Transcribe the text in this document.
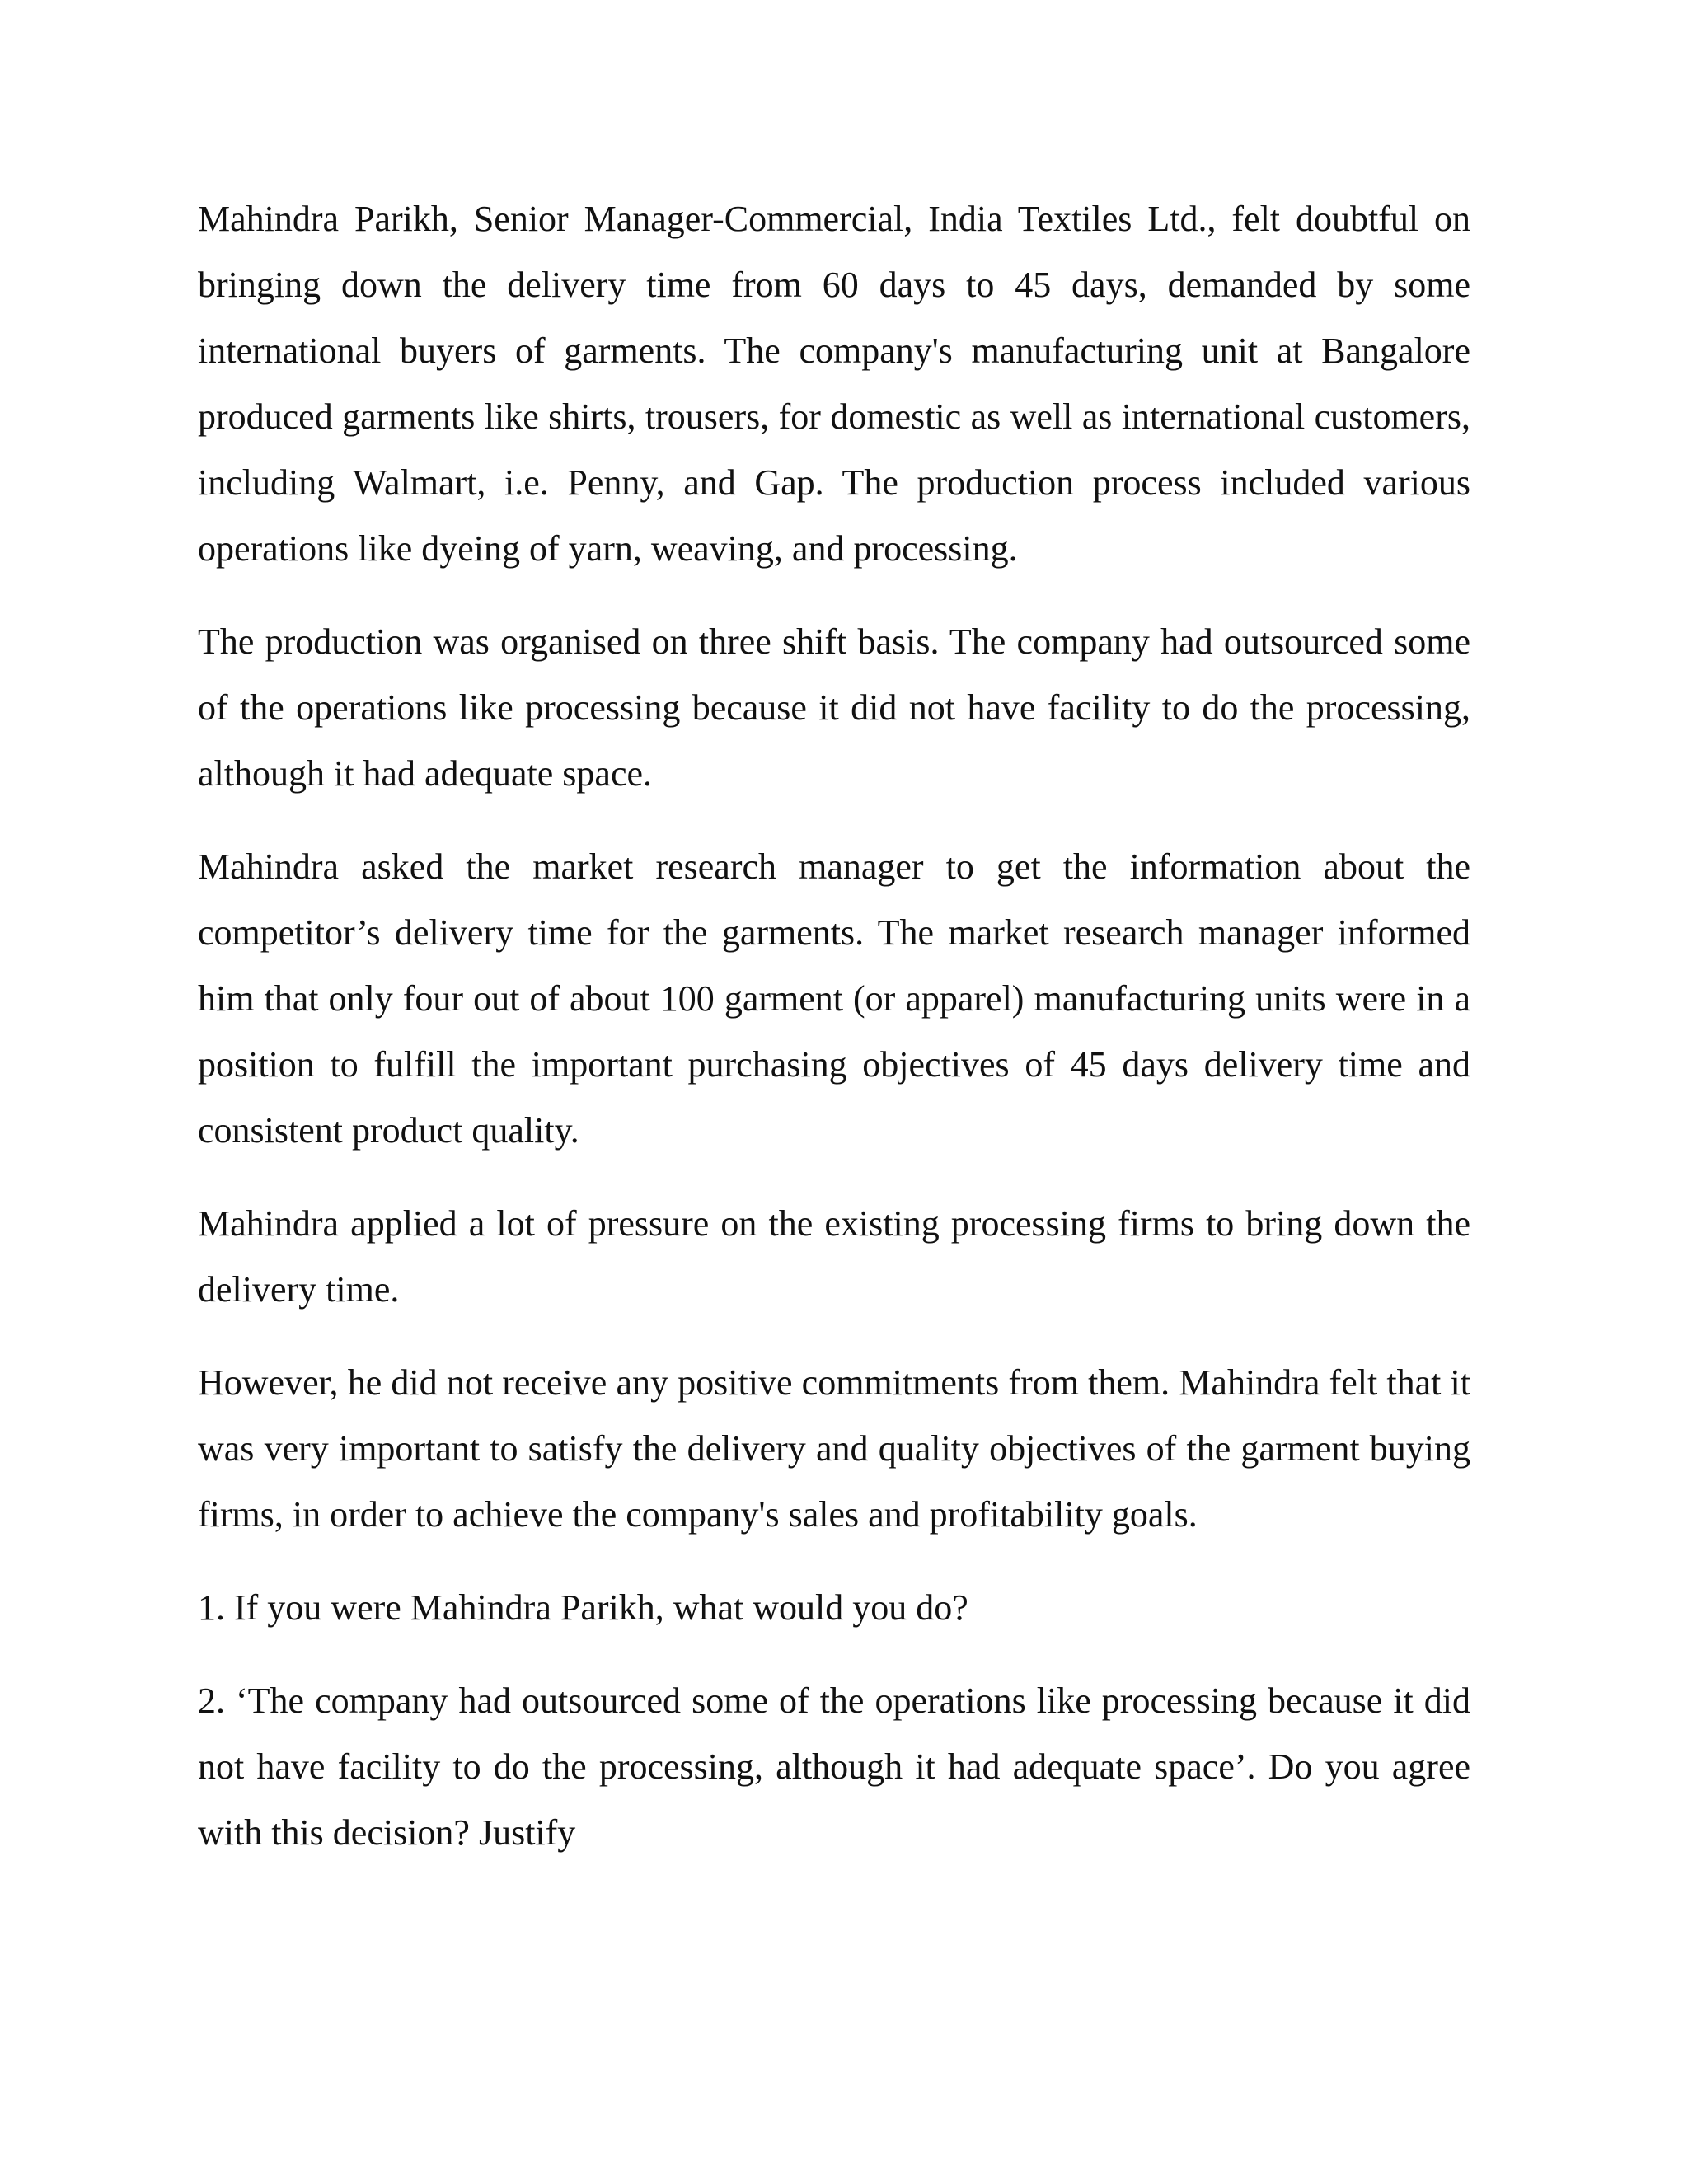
Mahindra Parikh, Senior Manager-Commercial, India Textiles Ltd., felt doubtful on bringing down the delivery time from 60 days to 45 days, demanded by some international buyers of garments. The company's manufacturing unit at Bangalore produced garments like shirts, trousers, for domestic as well as international customers, including Walmart, i.e. Penny, and Gap. The production process included various operations like dyeing of yarn, weaving, and processing.

The production was organised on three shift basis. The company had outsourced some of the operations like processing because it did not have facility to do the processing, although it had adequate space.

Mahindra asked the market research manager to get the information about the competitor’s delivery time for the garments. The market research manager informed him that only four out of about 100 garment (or apparel) manufacturing units were in a position to fulfill the important purchasing objectives of 45 days delivery time and consistent product quality.

Mahindra applied a lot of pressure on the existing processing firms to bring down the delivery time.

However, he did not receive any positive commitments from them. Mahindra felt that it was very important to satisfy the delivery and quality objectives of the garment buying firms, in order to achieve the company's sales and profitability goals.

1. If you were Mahindra Parikh, what would you do?

2. ‘The company had outsourced some of the operations like processing because it did not have facility to do the processing, although it had adequate space’. Do you agree with this decision? Justify
